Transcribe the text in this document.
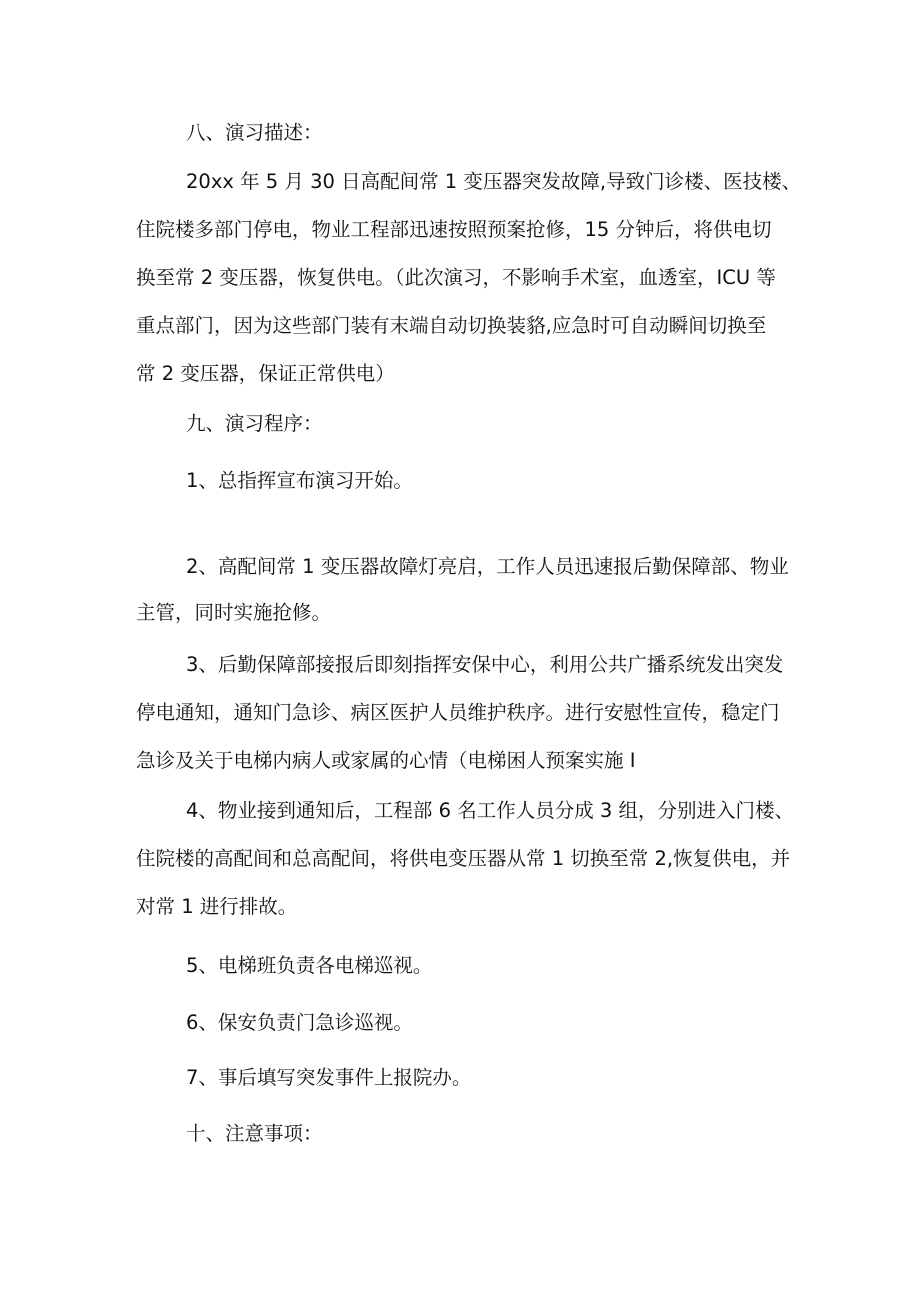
八、演习描述：

20xx 年 5 月 30 日高配间常 1 变压器突发故障,导致门诊楼、医技楼、

住院楼多部门停电，物业工程部迅速按照预案抢修，15 分钟后，将供电切

换至常 2 变压器，恢复供电。（此次演习，不影响手术室，血透室，ICU 等

重点部门，因为这些部门装有末端自动切换装貉,应急时可自动瞬间切换至

常 2 变压器，保证正常供电）

九、演习程序：

1、总指挥宣布演习开始。

2、高配间常 1 变压器故障灯亮启，工作人员迅速报后勤保障部、物业

主管，同时实施抢修。

3、后勤保障部接报后即刻指挥安保中心，利用公共广播系统发出突发

停电通知，通知门急诊、病区医护人员维护秩序。进行安慰性宣传，稳定门

急诊及关于电梯内病人或家属的心情（电梯困人预案实施 I

4、物业接到通知后，工程部 6 名工作人员分成 3 组，分别进入门楼、

住院楼的高配间和总高配间，将供电变压器从常 1 切换至常 2,恢复供电，并

对常 1 进行排故。

5、电梯班负责各电梯巡视。

6、保安负责门急诊巡视。

7、事后填写突发事件上报院办。

十、注意事项：
